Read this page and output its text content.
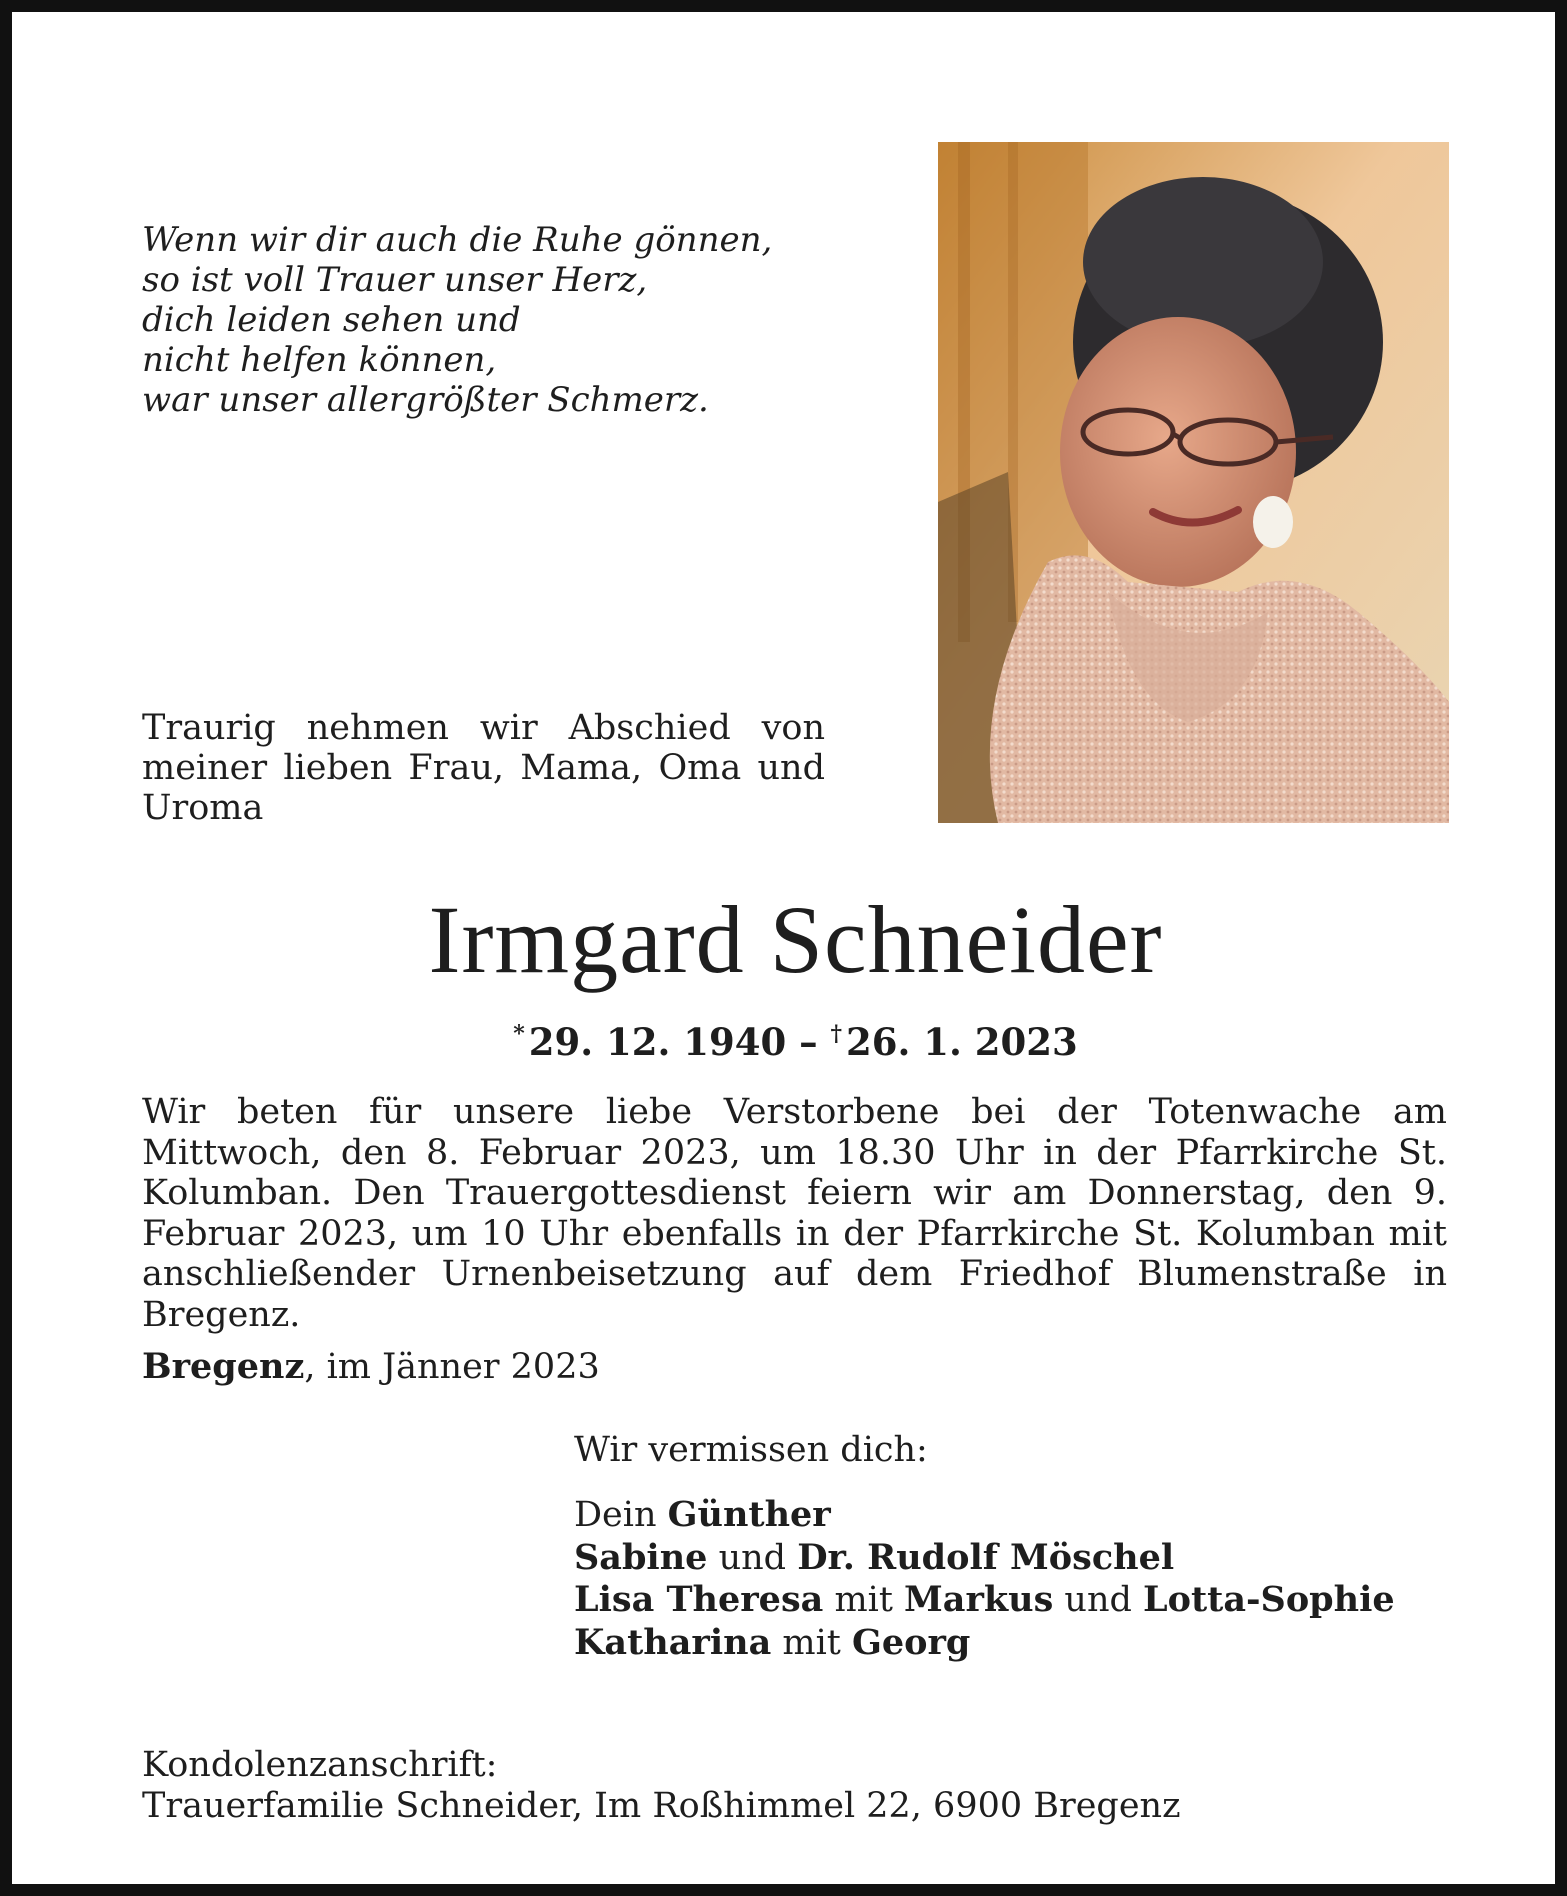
Wenn wir dir auch die Ruhe gönnen,
so ist voll Trauer unser Herz,
dich leiden sehen und
nicht helfen können,
war unser allergrößter Schmerz.
Traurig nehmen wir Abschied von meiner lieben Frau, Mama, Oma und Uroma
Irmgard Schneider
* 29. 12. 1940 – † 26. 1. 2023
Wir beten für unsere liebe Verstorbene bei der Totenwache am Mittwoch, den 8. Februar 2023, um 18.30 Uhr in der Pfarrkirche St. Kolumban. Den Trauergottesdienst feiern wir am Donnerstag, den 9. Februar 2023, um 10 Uhr ebenfalls in der Pfarrkirche St. Kolumban mit anschließender Urnenbeisetzung auf dem Friedhof Blumenstraße in Bregenz.
Bregenz, im Jänner 2023
Wir vermissen dich:
Dein Günther
Sabine und Dr. Rudolf Möschel
Lisa Theresa mit Markus und Lotta-Sophie
Katharina mit Georg
Kondolenzanschrift:
Trauerfamilie Schneider, Im Roßhimmel 22, 6900 Bregenz
